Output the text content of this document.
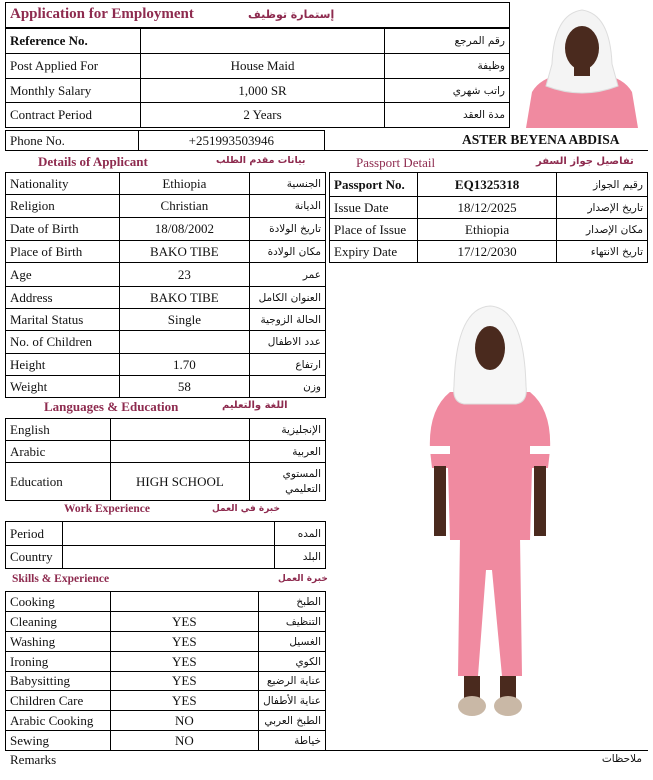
Application for Employment	إستمارة توظيف
Reference No.		رقم المرجع
Post Applied For	House Maid	وظيفة
Monthly Salary	1,000 SR	راتب شهري
Contract Period	2 Years	مدة العقد
Phone No.	+251993503946	ASTER BEYENA ABDISA
Details of Applicant	بيانات مقدم الطلب
Nationality	Ethiopia	الجنسية
Religion	Christian	الديانة
Date of Birth	18/08/2002	تاريخ الولادة
Place of Birth	BAKO TIBE	مكان الولادة
Age	23	عمر
Address	BAKO TIBE	العنوان الكامل
Marital Status	Single	الحالة الزوجية
No. of Children		عدد الاطفال
Height	1.70	ارتفاع
Weight	58	وزن
Passport Detail	تفاصيل جواز السفر
Passport No.	EQ1325318	رقيم الجواز
Issue Date	18/12/2025	تاريخ الإصدار
Place of Issue	Ethiopia	مكان الإصدار
Expiry Date	17/12/2030	تاريخ الانتهاء
Languages & Education	اللغة والتعليم
English		الإنجليزية
Arabic		العربية
Education	HIGH SCHOOL	المستوي التعليمي
Work Experience	خبرة في العمل
Period		المده
Country		البلد
Skills & Experience	خبرة العمل
Cooking		الطبخ
Cleaning	YES	التنظيف
Washing	YES	الغسيل
Ironing	YES	الكوي
Babysitting	YES	عناية الرضيع
Children Care	YES	عناية الأطفال
Arabic Cooking	NO	الطبخ العربي
Sewing	NO	خياطة
Remarks	ملاحظات
